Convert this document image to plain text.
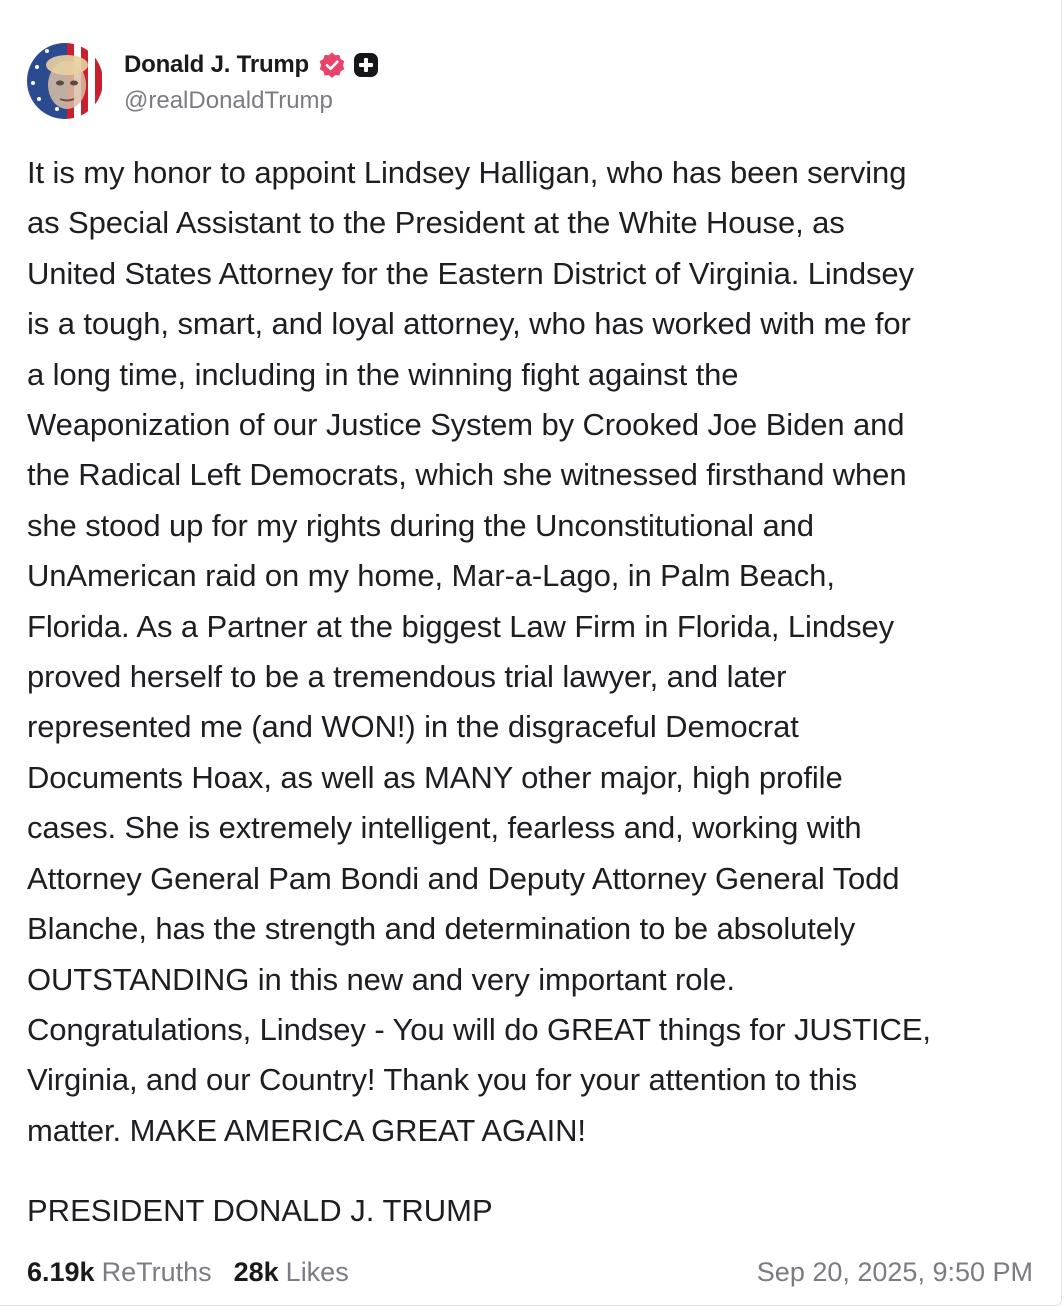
Donald J. Trump
@realDonaldTrump
It is my honor to appoint Lindsey Halligan, who has been serving
as Special Assistant to the President at the White House, as
United States Attorney for the Eastern District of Virginia. Lindsey
is a tough, smart, and loyal attorney, who has worked with me for
a long time, including in the winning fight against the
Weaponization of our Justice System by Crooked Joe Biden and
the Radical Left Democrats, which she witnessed firsthand when
she stood up for my rights during the Unconstitutional and
UnAmerican raid on my home, Mar-a-Lago, in Palm Beach,
Florida. As a Partner at the biggest Law Firm in Florida, Lindsey
proved herself to be a tremendous trial lawyer, and later
represented me (and WON!) in the disgraceful Democrat
Documents Hoax, as well as MANY other major, high profile
cases. She is extremely intelligent, fearless and, working with
Attorney General Pam Bondi and Deputy Attorney General Todd
Blanche, has the strength and determination to be absolutely
OUTSTANDING in this new and very important role.
Congratulations, Lindsey - You will do GREAT things for JUSTICE,
Virginia, and our Country! Thank you for your attention to this
matter. MAKE AMERICA GREAT AGAIN!
PRESIDENT DONALD J. TRUMP
6.19k ReTruths 28k Likes	Sep 20, 2025, 9:50 PM
